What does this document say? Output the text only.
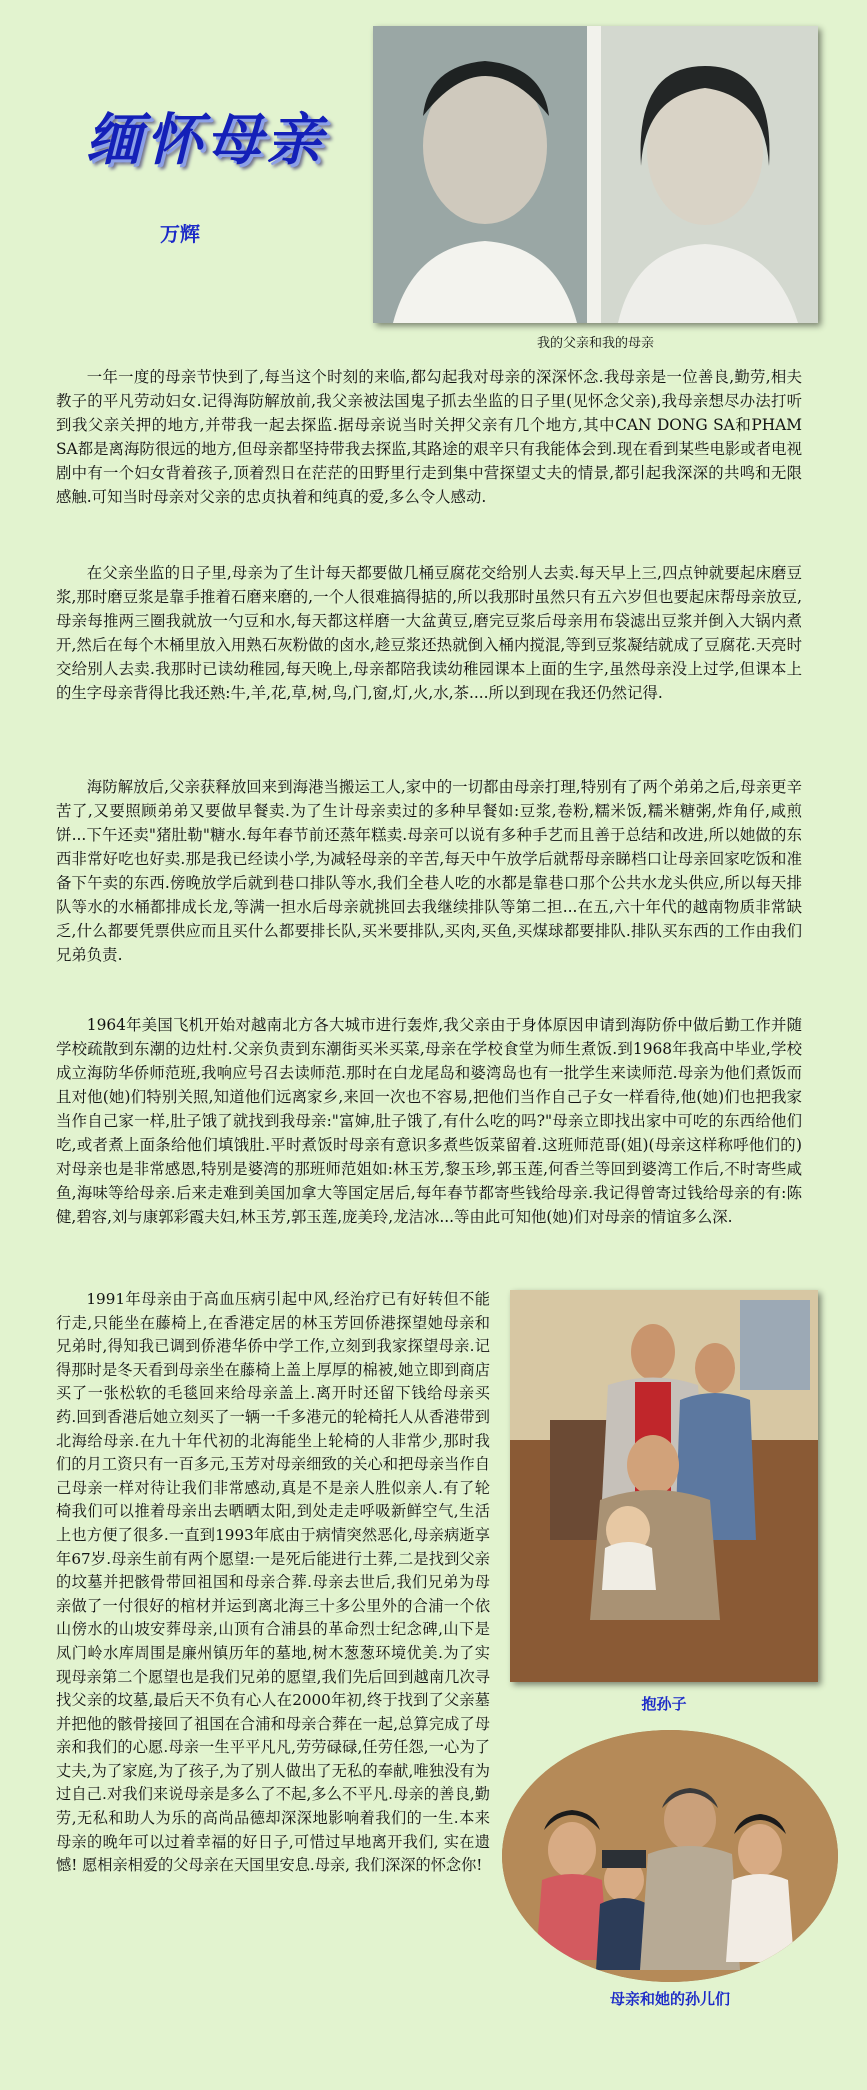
缅怀母亲
万辉
我的父亲和我的母亲

一年一度的母亲节快到了,每当这个时刻的来临,都勾起我对母亲的深深怀念.我母亲是一位善良,勤劳,相夫教子的平凡劳动妇女.记得海防解放前,我父亲被法国鬼子抓去坐监的日子里(见怀念父亲),我母亲想尽办法打听到我父亲关押的地方,并带我一起去探监.据母亲说当时关押父亲有几个地方,其中CAN DONG SA和PHAM SA都是离海防很远的地方,但母亲都坚持带我去探监,其路途的艰辛只有我能体会到.现在看到某些电影或者电视剧中有一个妇女背着孩子,顶着烈日在茫茫的田野里行走到集中营探望丈夫的情景,都引起我深深的共鸣和无限感触.可知当时母亲对父亲的忠贞执着和纯真的爱,多么令人感动.

在父亲坐监的日子里,母亲为了生计每天都要做几桶豆腐花交给别人去卖.每天早上三,四点钟就要起床磨豆浆,那时磨豆浆是靠手推着石磨来磨的,一个人很难搞得掂的,所以我那时虽然只有五六岁但也要起床帮母亲放豆,母亲每推两三圈我就放一勺豆和水,每天都这样磨一大盆黄豆,磨完豆浆后母亲用布袋滤出豆浆并倒入大锅内煮开,然后在每个木桶里放入用熟石灰粉做的卤水,趁豆浆还热就倒入桶内搅混,等到豆浆凝结就成了豆腐花.天亮时交给别人去卖.我那时已读幼稚园,每天晚上,母亲都陪我读幼稚园课本上面的生字,虽然母亲没上过学,但课本上的生字母亲背得比我还熟:牛,羊,花,草,树,鸟,门,窗,灯,火,水,茶....所以到现在我还仍然记得.

海防解放后,父亲获释放回来到海港当搬运工人,家中的一切都由母亲打理,特别有了两个弟弟之后,母亲更辛苦了,又要照顾弟弟又要做早餐卖.为了生计母亲卖过的多种早餐如:豆浆,卷粉,糯米饭,糯米糖粥,炸角仔,咸煎饼...下午还卖"猪肚勒"糖水.每年春节前还蒸年糕卖.母亲可以说有多种手艺而且善于总结和改进,所以她做的东西非常好吃也好卖.那是我已经读小学,为减轻母亲的辛苦,每天中午放学后就帮母亲睇档口让母亲回家吃饭和准备下午卖的东西.傍晚放学后就到巷口排队等水,我们全巷人吃的水都是靠巷口那个公共水龙头供应,所以每天排队等水的水桶都排成长龙,等满一担水后母亲就挑回去我继续排队等第二担...在五,六十年代的越南物质非常缺乏,什么都要凭票供应而且买什么都要排长队,买米要排队,买肉,买鱼,买煤球都要排队.排队买东西的工作由我们兄弟负责.

1964年美国飞机开始对越南北方各大城市进行轰炸,我父亲由于身体原因申请到海防侨中做后勤工作并随学校疏散到东潮的边灶村.父亲负责到东潮街买米买菜,母亲在学校食堂为师生煮饭.到1968年我高中毕业,学校成立海防华侨师范班,我响应号召去读师范.那时在白龙尾岛和婆湾岛也有一批学生来读师范.母亲为他们煮饭而且对他(她)们特别关照,知道他们远离家乡,来回一次也不容易,把他们当作自己子女一样看待,他(她)们也把我家当作自己家一样,肚子饿了就找到我母亲:"富婶,肚子饿了,有什么吃的吗?"母亲立即找出家中可吃的东西给他们吃,或者煮上面条给他们填饿肚.平时煮饭时母亲有意识多煮些饭菜留着.这班师范哥(姐)(母亲这样称呼他们的)对母亲也是非常感恩,特别是婆湾的那班师范姐如:林玉芳,黎玉珍,郭玉莲,何香兰等回到婆湾工作后,不时寄些咸鱼,海味等给母亲.后来走难到美国加拿大等国定居后,每年春节都寄些钱给母亲.我记得曾寄过钱给母亲的有:陈健,碧容,刘与康郭彩霞夫妇,林玉芳,郭玉莲,庞美玲,龙洁冰...等由此可知他(她)们对母亲的情谊多么深.

1991年母亲由于高血压病引起中风,经治疗已有好转但不能行走,只能坐在藤椅上,在香港定居的林玉芳回侨港探望她母亲和兄弟时,得知我已调到侨港华侨中学工作,立刻到我家探望母亲.记得那时是冬天看到母亲坐在藤椅上盖上厚厚的棉被,她立即到商店买了一张松软的毛毯回来给母亲盖上.离开时还留下钱给母亲买药.回到香港后她立刻买了一辆一千多港元的轮椅托人从香港带到北海给母亲.在九十年代初的北海能坐上轮椅的人非常少,那时我们的月工资只有一百多元,玉芳对母亲细致的关心和把母亲当作自己母亲一样对待让我们非常感动,真是不是亲人胜似亲人.有了轮椅我们可以推着母亲出去晒晒太阳,到处走走呼吸新鲜空气,生活上也方便了很多.一直到1993年底由于病情突然恶化,母亲病逝享年67岁.母亲生前有两个愿望:一是死后能进行土葬,二是找到父亲的坟墓并把骸骨带回祖国和母亲合葬.母亲去世后,我们兄弟为母亲做了一付很好的棺材并运到离北海三十多公里外的合浦一个依山傍水的山坡安葬母亲,山顶有合浦县的革命烈士纪念碑,山下是凤门岭水库周围是廉州镇历年的墓地,树木葱葱环境优美.为了实现母亲第二个愿望也是我们兄弟的愿望,我们先后回到越南几次寻找父亲的坟墓,最后天不负有心人在2000年初,终于找到了父亲墓并把他的骸骨接回了祖国在合浦和母亲合葬在一起,总算完成了母亲和我们的心愿.母亲一生平平凡凡,劳劳碌碌,任劳任怨,一心为了丈夫,为了家庭,为了孩子,为了别人做出了无私的奉献,唯独没有为过自己.对我们来说母亲是多么了不起,多么不平凡.母亲的善良,勤劳,无私和助人为乐的高尚品德却深深地影响着我们的一生.本来母亲的晚年可以过着幸福的好日子,可惜过早地离开我们, 实在遗憾! 愿相亲相爱的父母亲在天国里安息.母亲, 我们深深的怀念你!

抱孙子
母亲和她的孙儿们
